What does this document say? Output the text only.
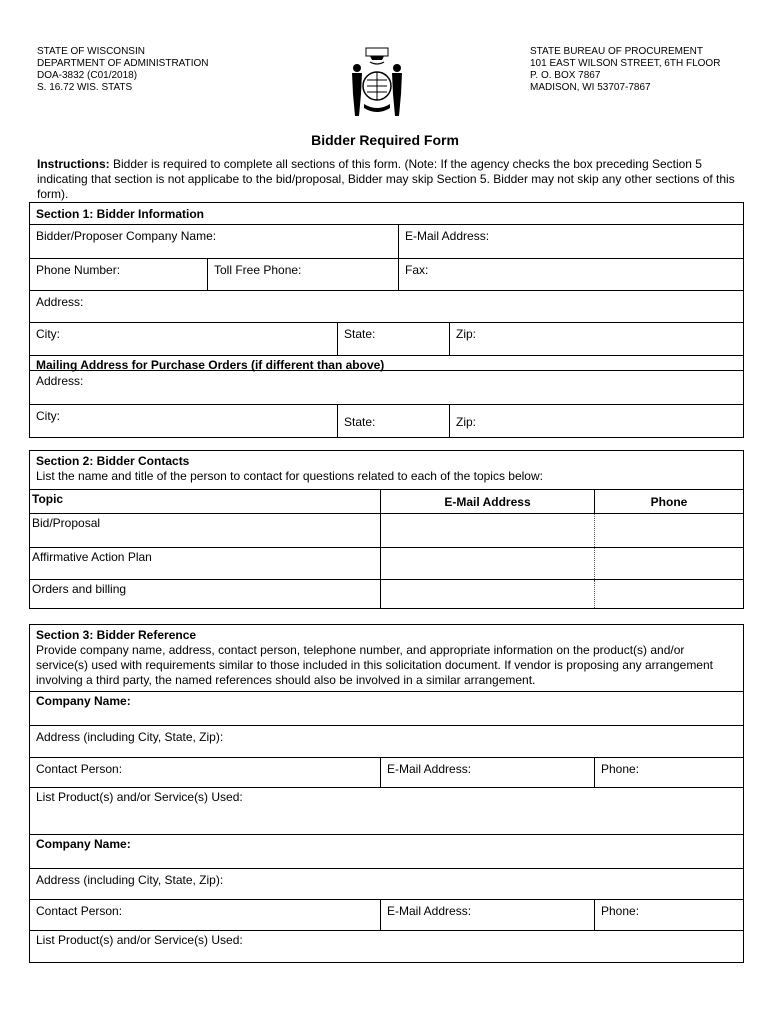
STATE OF WISCONSIN
DEPARTMENT OF ADMINISTRATION
DOA-3832 (C01/2018)
S. 16.72 WIS. STATS
STATE BUREAU OF PROCUREMENT
101 EAST WILSON STREET, 6TH FLOOR
P. O. BOX 7867
MADISON, WI 53707-7867
Bidder Required Form
Instructions: Bidder is required to complete all sections of this form. (Note: If the agency checks the box preceding Section 5 indicating that section is not applicabe to the bid/proposal, Bidder may skip Section 5. Bidder may not skip any other sections of this form).
Section 1: Bidder Information
Bidder/Proposer Company Name:	E-Mail Address:
Phone Number:	Toll Free Phone:	Fax:
Address:
City:	State:	Zip:
Mailing Address for Purchase Orders (if different than above)
Address:
City:	State:	Zip:
Section 2: Bidder Contacts
List the name and title of the person to contact for questions related to each of the topics below:
Topic	E-Mail Address	Phone
Bid/Proposal
Affirmative Action Plan
Orders and billing
Section 3: Bidder Reference
Provide company name, address, contact person, telephone number, and appropriate information on the product(s) and/or service(s) used with requirements similar to those included in this solicitation document. If vendor is proposing any arrangement involving a third party, the named references should also be involved in a similar arrangement.
Company Name:
Address (including City, State, Zip):
Contact Person:	E-Mail Address:	Phone:
List Product(s) and/or Service(s) Used:
Company Name:
Address (including City, State, Zip):
Contact Person:	E-Mail Address:	Phone:
List Product(s) and/or Service(s) Used:
